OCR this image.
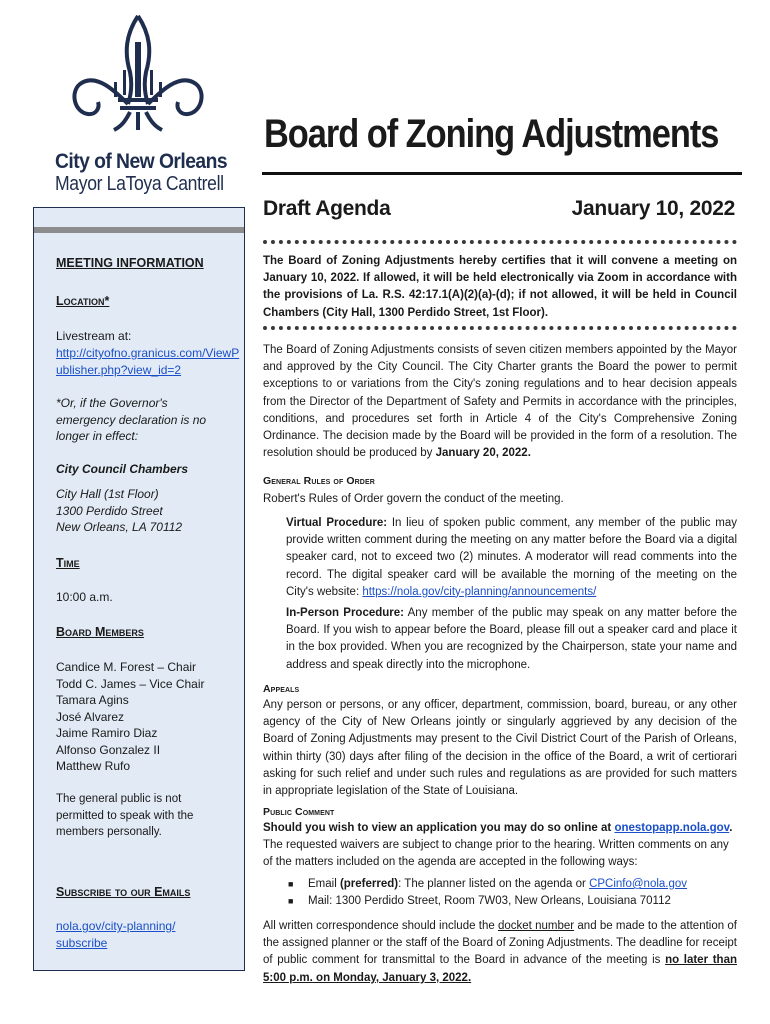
City of New Orleans
Mayor LaToya Cantrell
Board of Zoning Adjustments
MEETING INFORMATION
Location*
Livestream at:
http://cityofno.granicus.com/ViewPublisher.php?view_id=2
*Or, if the Governor's emergency declaration is no longer in effect:
City Council Chambers
City Hall (1st Floor)
1300 Perdido Street
New Orleans, LA 70112
Time
10:00 a.m.
Board Members
Candice M. Forest – Chair
Todd C. James – Vice Chair
Tamara Agins
José Alvarez
Jaime Ramiro Diaz
Alfonso Gonzalez II
Matthew Rufo
The general public is not permitted to speak with the members personally.
Subscribe to our Emails
nola.gov/city-planning/subscribe
Draft Agenda	January 10, 2022
The Board of Zoning Adjustments hereby certifies that it will convene a meeting on January 10, 2022. If allowed, it will be held electronically via Zoom in accordance with the provisions of La. R.S. 42:17.1(A)(2)(a)-(d); if not allowed, it will be held in Council Chambers (City Hall, 1300 Perdido Street, 1st Floor).
The Board of Zoning Adjustments consists of seven citizen members appointed by the Mayor and approved by the City Council. The City Charter grants the Board the power to permit exceptions to or variations from the City's zoning regulations and to hear decision appeals from the Director of the Department of Safety and Permits in accordance with the principles, conditions, and procedures set forth in Article 4 of the City's Comprehensive Zoning Ordinance. The decision made by the Board will be provided in the form of a resolution. The resolution should be produced by January 20, 2022.
General Rules of Order
Robert's Rules of Order govern the conduct of the meeting.
Virtual Procedure: In lieu of spoken public comment, any member of the public may provide written comment during the meeting on any matter before the Board via a digital speaker card, not to exceed two (2) minutes. A moderator will read comments into the record. The digital speaker card will be available the morning of the meeting on the City's website: https://nola.gov/city-planning/announcements/
In-Person Procedure: Any member of the public may speak on any matter before the Board. If you wish to appear before the Board, please fill out a speaker card and place it in the box provided. When you are recognized by the Chairperson, state your name and address and speak directly into the microphone.
Appeals
Any person or persons, or any officer, department, commission, board, bureau, or any other agency of the City of New Orleans jointly or singularly aggrieved by any decision of the Board of Zoning Adjustments may present to the Civil District Court of the Parish of Orleans, within thirty (30) days after filing of the decision in the office of the Board, a writ of certiorari asking for such relief and under such rules and regulations as are provided for such matters in appropriate legislation of the State of Louisiana.
Public Comment
Should you wish to view an application you may do so online at onestopapp.nola.gov. The requested waivers are subject to change prior to the hearing. Written comments on any of the matters included on the agenda are accepted in the following ways:
■	Email (preferred): The planner listed on the agenda or CPCinfo@nola.gov
■	Mail: 1300 Perdido Street, Room 7W03, New Orleans, Louisiana 70112
All written correspondence should include the docket number and be made to the attention of the assigned planner or the staff of the Board of Zoning Adjustments. The deadline for receipt of public comment for transmittal to the Board in advance of the meeting is no later than 5:00 p.m. on Monday, January 3, 2022.
